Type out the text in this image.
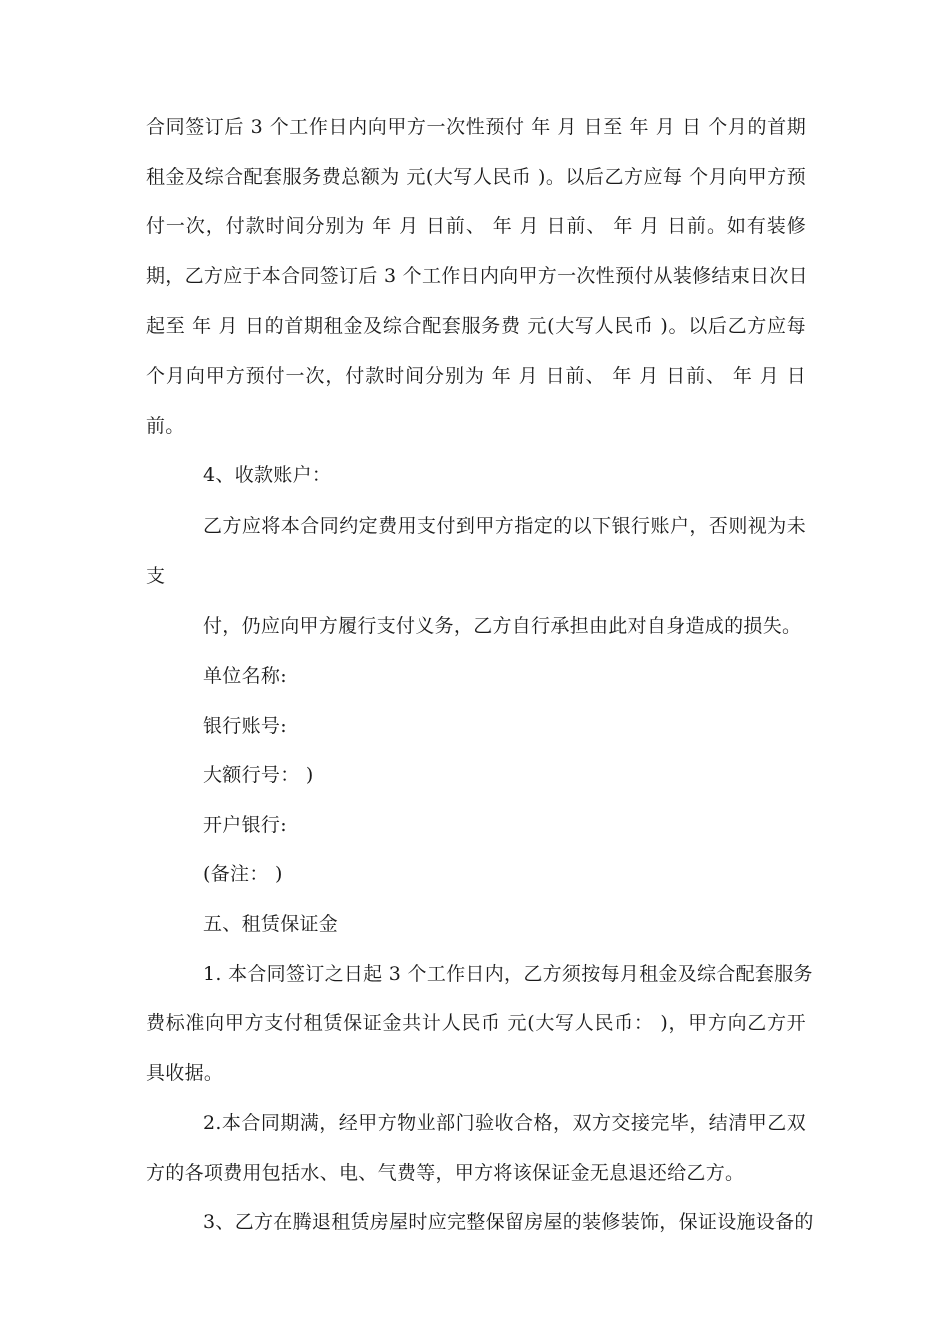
合同签订后 3 个工作日内向甲方一次性预付 年 月 日至 年 月 日 个月的首期
租金及综合配套服务费总额为 元(大写人民币 )。以后乙方应每 个月向甲方预
付一次，付款时间分别为 年 月 日前、 年 月 日前、 年 月 日前。如有装修
期，乙方应于本合同签订后 3 个工作日内向甲方一次性预付从装修结束日次日
起至 年 月 日的首期租金及综合配套服务费 元(大写人民币 )。以后乙方应每
个月向甲方预付一次，付款时间分别为 年 月 日前、 年 月 日前、 年 月 日
前。
4、收款账户：
乙方应将本合同约定费用支付到甲方指定的以下银行账户，否则视为未
支
付，仍应向甲方履行支付义务，乙方自行承担由此对自身造成的损失。
单位名称:
银行账号:
大额行号： )
开户银行:
(备注： )
五、租赁保证金
1. 本合同签订之日起 3 个工作日内，乙方须按每月租金及综合配套服务
费标准向甲方支付租赁保证金共计人民币 元(大写人民币： )，甲方向乙方开
具收据。
2.本合同期满，经甲方物业部门验收合格，双方交接完毕，结清甲乙双
方的各项费用包括水、电、气费等，甲方将该保证金无息退还给乙方。
3、乙方在腾退租赁房屋时应完整保留房屋的装修装饰，保证设施设备的
